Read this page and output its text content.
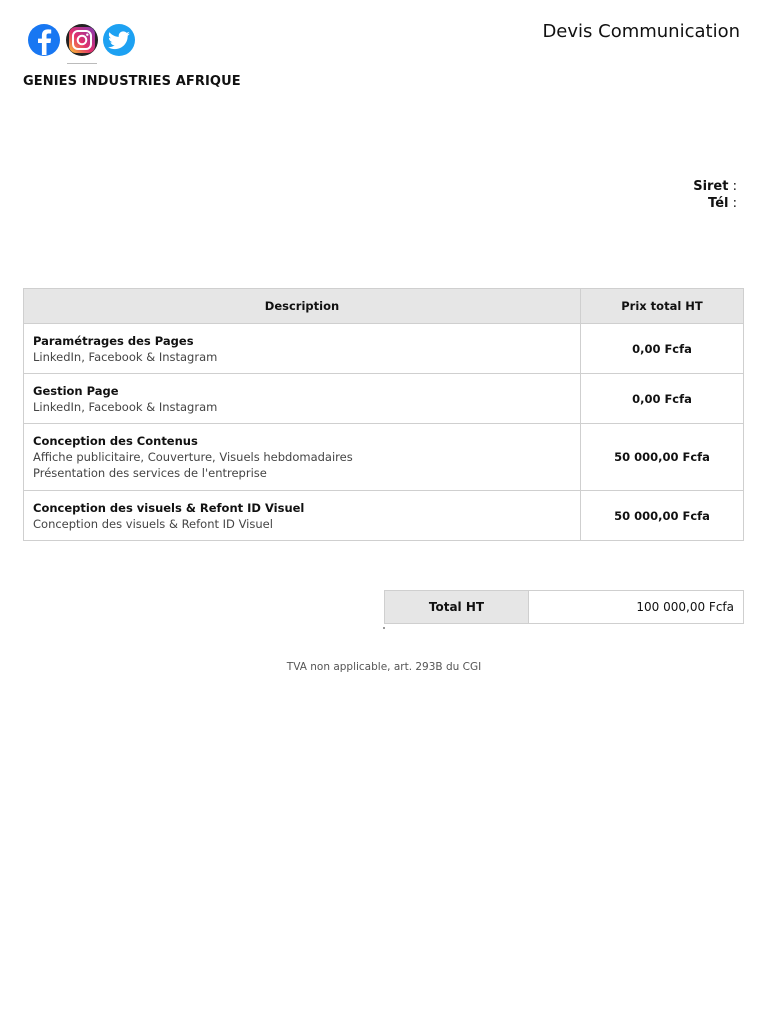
GENIES INDUSTRIES AFRIQUE
Devis Communication
Siret :
Tél :
Description	Prix total HT

Paramétrages des Pages
LinkedIn, Facebook & Instagram	0,00 Fcfa

Gestion Page
LinkedIn, Facebook & Instagram	0,00 Fcfa

Conception des Contenus
Affiche publicitaire, Couverture, Visuels hebdomadaires
Présentation des services de l'entreprise	50 000,00 Fcfa

Conception des visuels & Refont ID Visuel
Conception des visuels & Refont ID Visuel	50 000,00 Fcfa
Total HT	100 000,00 Fcfa
TVA non applicable, art. 293B du CGI
